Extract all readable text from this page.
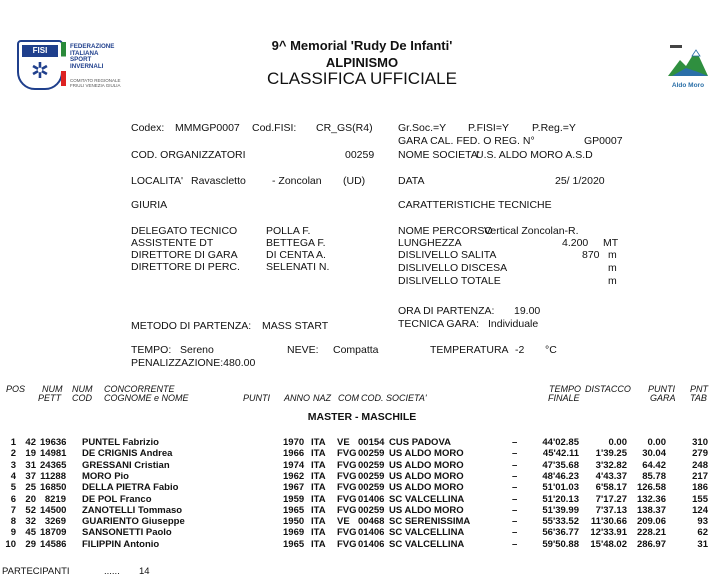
FISI
✲
FEDERAZIONE
ITALIANA
SPORT
INVERNALI
COMITATO REGIONALE
FRIULI VENEZIA GIULIA	Aldo Moro
9^ Memorial 'Rudy De Infanti'
ALPINISMO
CLASSIFICA UFFICIALE
Codex: MMMGP0007 Cod.FISI: CR_GS(R4) Gr.Soc.=Y P.FISI=Y P.Reg.=Y
GARA CAL. FED. O REG. N°	GP0007
COD. ORGANIZZATORI	00259 NOME SOCIETA'
U.S. ALDO MORO A.S.D
LOCALITA' Ravascletto - Zoncolan (UD)	DATA	25/ 1/2020
GIURIA	CARATTERISTICHE TECNICHE
DELEGATO TECNICO	POLLA F.
ASSISTENTE DT	BETTEGA F.
DIRETTORE DI GARA	DI CENTA A.
DIRETTORE DI PERC. SELENATI N.
NOME PERCORSO
Vertical Zoncolan-R.
LUNGHEZZA	4.200 MT
DISLIVELLO SALITA	870 m
DISLIVELLO DISCESA	m
DISLIVELLO TOTALE	m
ORA DI PARTENZA: 19.00
TECNICA GARA: Individuale
METODO DI PARTENZA: MASS START
TEMPO: Sereno	NEVE: Compatta	TEMPERATURA -2 °C
PENALIZZAZIONE:480.00
POS NUM
PETT
NUM
COD
CONCORRENTE
COGNOME e NOME	PUNTI ANNO NAZ COM COD. SOCIETA'
TEMPO
FINALE
DISTACCO PUNTI
GARA
PNT
TAB
MASTER - MASCHILE
1 42 19636 PUNTEL Fabrizio	1970 ITA VE 00154 CUS PADOVA	–	44'02.85	0.00	0.00	310
2 19 14981 DE CRIGNIS Andrea	1966 ITA FVG 00259 US ALDO MORO	–	45'42.11	1'39.25	30.04	279
3 31 24365 GRESSANI Cristian	1974 ITA FVG 00259 US ALDO MORO	–	47'35.68	3'32.82	64.42	248
4 37 11288 MORO Pio	1962 ITA FVG 00259 US ALDO MORO	–	48'46.23	4'43.37	85.78	217
5 25 16850 DELLA PIETRA Fabio	1967 ITA FVG 00259 US ALDO MORO	–	51'01.03	6'58.17	126.58	186
6 20 8219 DE POL Franco	1959 ITA FVG 01406 SC VALCELLINA	–	51'20.13	7'17.27	132.36	155
7 52 14500 ZANOTELLI Tommaso	1965 ITA FVG 00259 US ALDO MORO	–	51'39.99	7'37.13	138.37	124
8 32 3269 GUARIENTO Giuseppe	1950 ITA VE 00468 SC SERENISSIMA	–	55'33.52	11'30.66	209.06	93
9 45 18709 SANSONETTI Paolo	1969 ITA FVG 01406 SC VALCELLINA	–	56'36.77	12'33.91	228.21	62
10 29 14586 FILIPPIN Antonio	1965 ITA FVG 01406 SC VALCELLINA	–	59'50.88	15'48.02	286.97	31
PARTECIPANTI	...... 14
